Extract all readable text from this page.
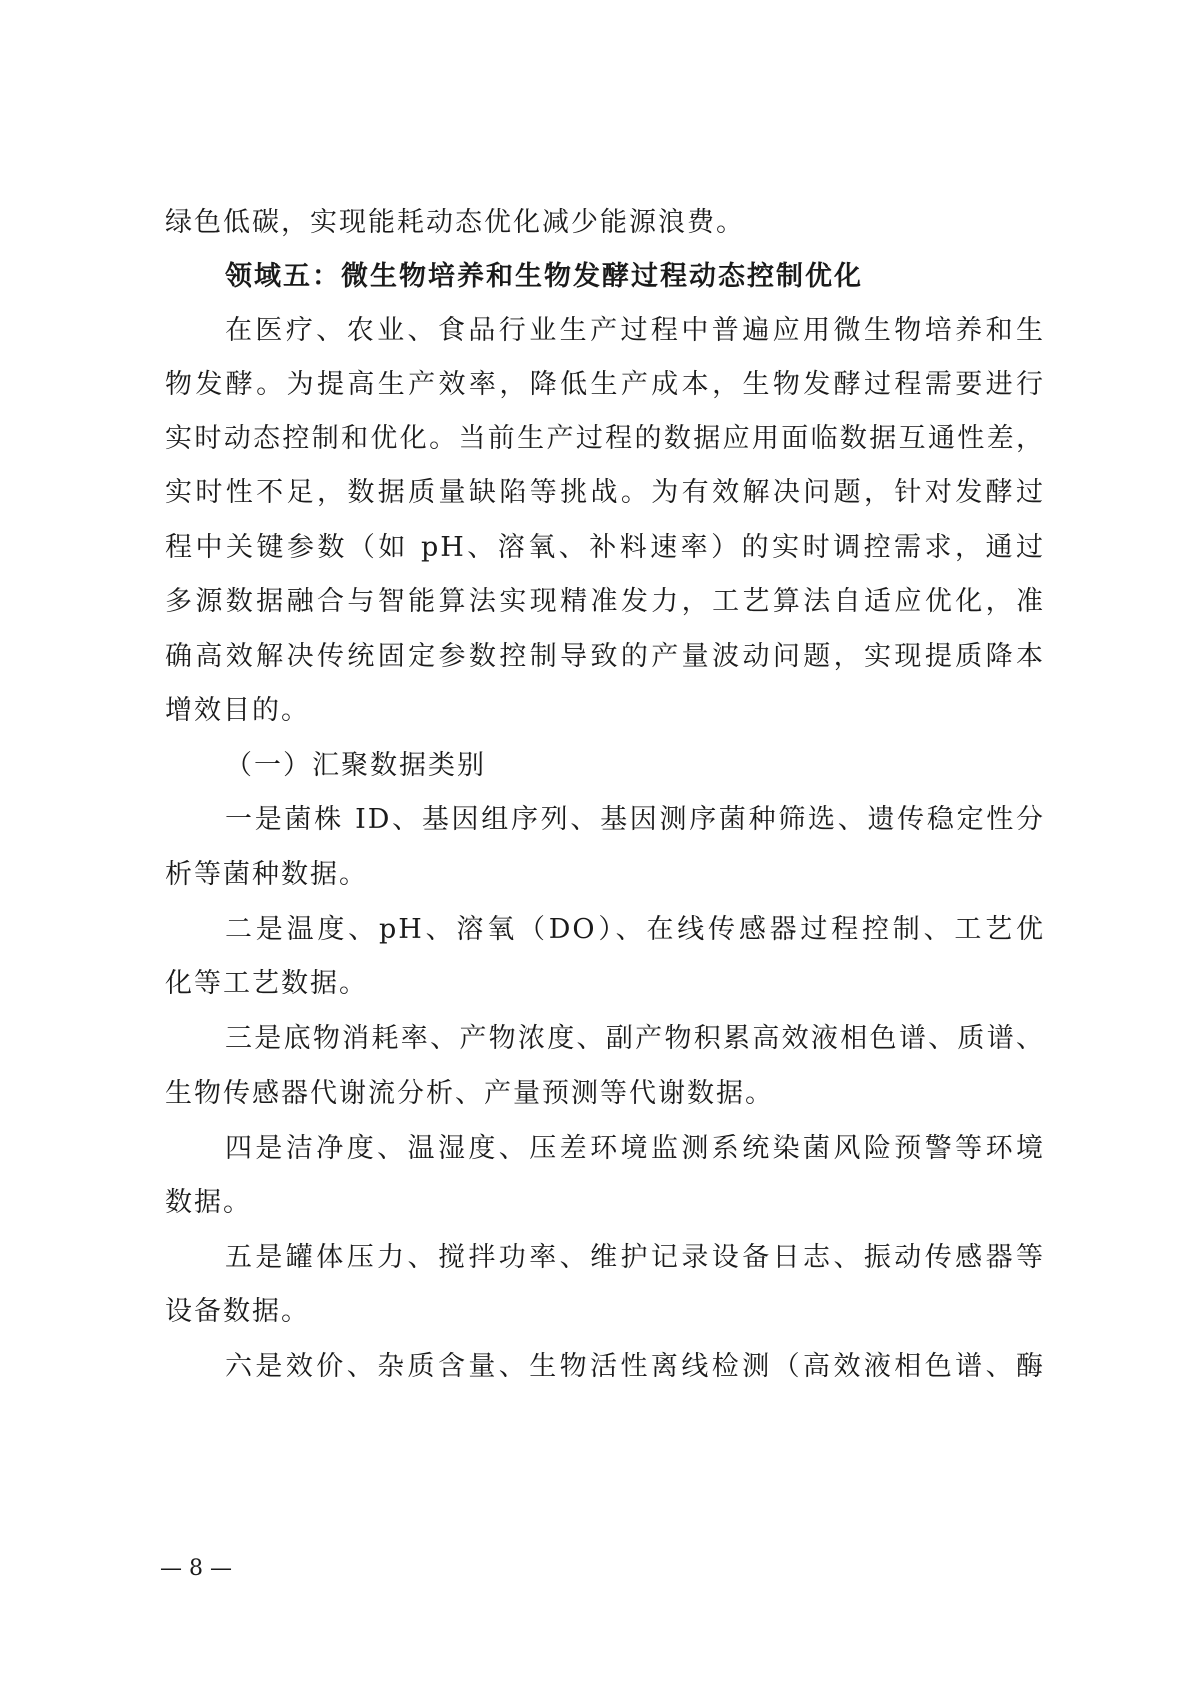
绿色低碳，实现能耗动态优化减少能源浪费。
领域五：微生物培养和生物发酵过程动态控制优化
在医疗、农业、食品行业生产过程中普遍应用微生物培养和生
物发酵。为提高生产效率，降低生产成本，生物发酵过程需要进行
实时动态控制和优化。当前生产过程的数据应用面临数据互通性差，
实时性不足，数据质量缺陷等挑战。为有效解决问题，针对发酵过
程中关键参数（如 pH、溶氧、补料速率）的实时调控需求，通过
多源数据融合与智能算法实现精准发力，工艺算法自适应优化，准
确高效解决传统固定参数控制导致的产量波动问题，实现提质降本
增效目的。
（一）汇聚数据类别
一是菌株 ID、基因组序列、基因测序菌种筛选、遗传稳定性分
析等菌种数据。
二是温度、pH、溶氧（DO）、在线传感器过程控制、工艺优
化等工艺数据。
三是底物消耗率、产物浓度、副产物积累高效液相色谱、质谱、
生物传感器代谢流分析、产量预测等代谢数据。
四是洁净度、温湿度、压差环境监测系统染菌风险预警等环境
数据。
五是罐体压力、搅拌功率、维护记录设备日志、振动传感器等
设备数据。
六是效价、杂质含量、生物活性离线检测（高效液相色谱、酶
— 8 —
